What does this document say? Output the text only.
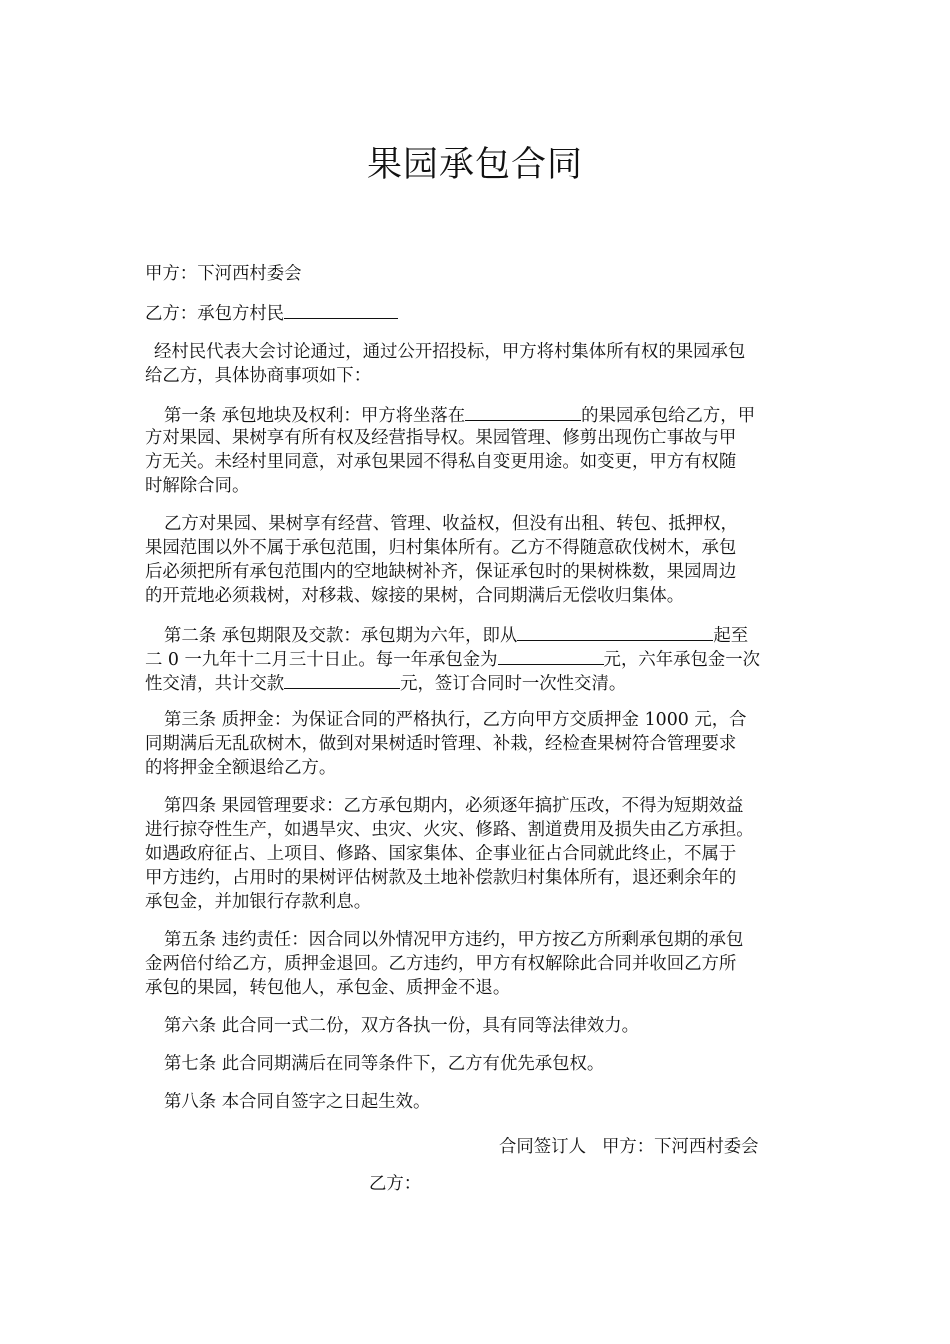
果园承包合同
甲方：下河西村委会
乙方：承包方村民
经村民代表大会讨论通过，通过公开招投标，甲方将村集体所有权的果园承包
给乙方，具体协商事项如下：
第一条 承包地块及权利：甲方将坐落在	的果园承包给乙方，甲
方对果园、果树享有所有权及经营指导权。果园管理、修剪出现伤亡事故与甲
方无关。未经村里同意，对承包果园不得私自变更用途。如变更，甲方有权随
时解除合同。
乙方对果园、果树享有经营、管理、收益权，但没有出租、转包、抵押权，
果园范围以外不属于承包范围，归村集体所有。乙方不得随意砍伐树木，承包
后必须把所有承包范围内的空地缺树补齐，保证承包时的果树株数，果园周边
的开荒地必须栽树，对移栽、嫁接的果树，合同期满后无偿收归集体。
第二条 承包期限及交款：承包期为六年，即从	起至
二 0 一九年十二月三十日止。每一年承包金为	元，六年承包金一次
性交清，共计交款	元，签订合同时一次性交清。
第三条 质押金：为保证合同的严格执行，乙方向甲方交质押金 1000 元，合
同期满后无乱砍树木，做到对果树适时管理、补栽，经检查果树符合管理要求
的将押金全额退给乙方。
第四条 果园管理要求：乙方承包期内，必须逐年搞扩压改，不得为短期效益
进行掠夺性生产，如遇旱灾、虫灾、火灾、修路、割道费用及损失由乙方承担。
如遇政府征占、上项目、修路、国家集体、企事业征占合同就此终止，不属于
甲方违约，占用时的果树评估树款及土地补偿款归村集体所有，退还剩余年的
承包金，并加银行存款利息。
第五条 违约责任：因合同以外情况甲方违约，甲方按乙方所剩承包期的承包
金两倍付给乙方，质押金退回。乙方违约，甲方有权解除此合同并收回乙方所
承包的果园，转包他人，承包金、质押金不退。
第六条 此合同一式二份，双方各执一份，具有同等法律效力。
第七条 此合同期满后在同等条件下，乙方有优先承包权。
第八条 本合同自签字之日起生效。
合同签订人 甲方：下河西村委会
乙方：
